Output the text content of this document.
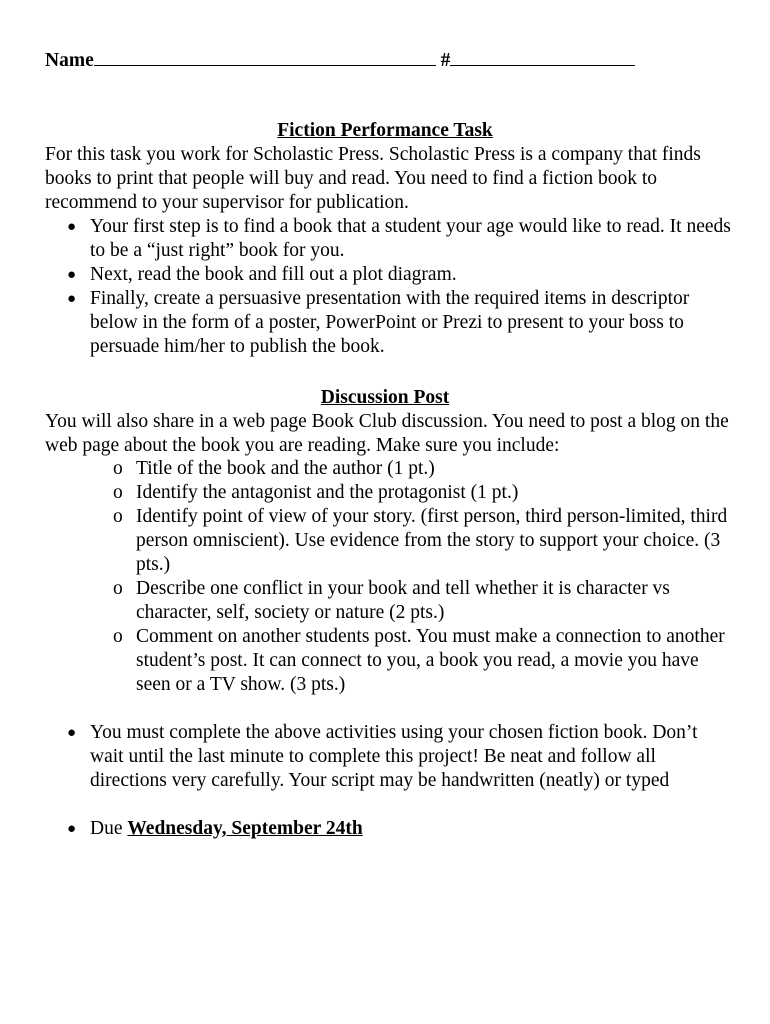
Name	#
Fiction Performance Task
For this task you work for Scholastic Press. Scholastic Press is a company that finds books to print that people will buy and read. You need to find a fiction book to recommend to your supervisor for publication.
● Your first step is to find a book that a student your age would like to read. It needs to be a “just right” book for you.
● Next, read the book and fill out a plot diagram.
● Finally, create a persuasive presentation with the required items in descriptor below in the form of a poster, PowerPoint or Prezi to present to your boss to persuade him/her to publish the book.
Discussion Post
You will also share in a web page Book Club discussion. You need to post a blog on the web page about the book you are reading. Make sure you include:
o Title of the book and the author (1 pt.)
o Identify the antagonist and the protagonist (1 pt.)
o Identify point of view of your story. (first person, third person-limited, third person omniscient). Use evidence from the story to support your choice. (3 pts.)
o Describe one conflict in your book and tell whether it is character vs character, self, society or nature (2 pts.)
o Comment on another students post. You must make a connection to another student’s post. It can connect to you, a book you read, a movie you have seen or a TV show. (3 pts.)
● You must complete the above activities using your chosen fiction book. Don’t wait until the last minute to complete this project! Be neat and follow all directions very carefully. Your script may be handwritten (neatly) or typed
● Due Wednesday, September 24th
